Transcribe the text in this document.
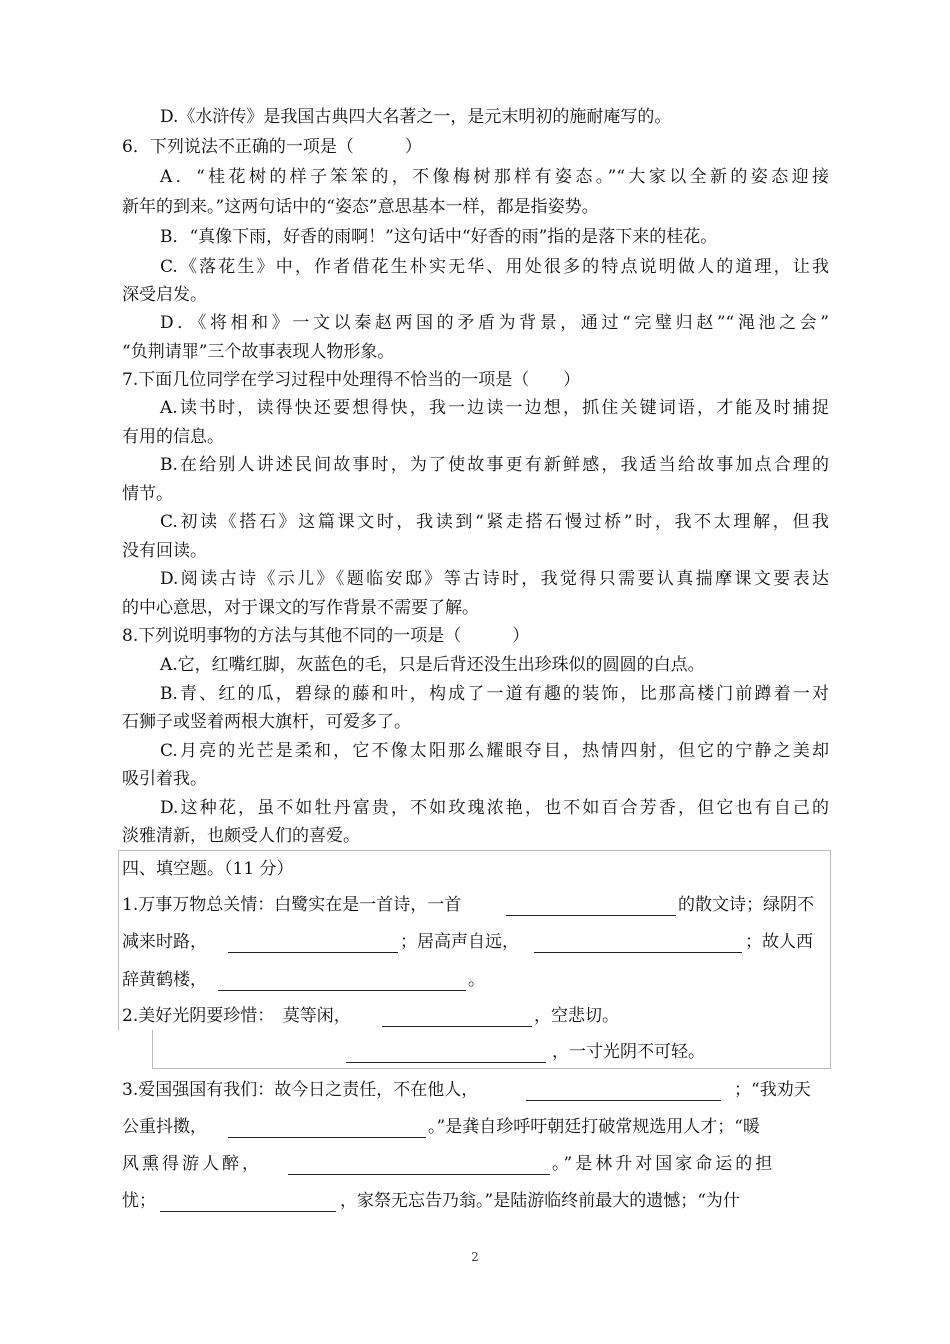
D.《水浒传》是我国古典四大名著之一，是元末明初的施耐庵写的。
6．下列说法不正确的一项是（　　　）
A．“桂花树的样子笨笨的，不像梅树那样有姿态。”“大家以全新的姿态迎接
新年的到来。”这两句话中的“姿态”意思基本一样，都是指姿势。
B．“真像下雨，好香的雨啊！”这句话中“好香的雨”指的是落下来的桂花。
C.《落花生》中，作者借花生朴实无华、用处很多的特点说明做人的道理，让我
深受启发。
D．《将相和》一文以秦赵两国的矛盾为背景，通过“完璧归赵”“渑池之会”
“负荆请罪”三个故事表现人物形象。
7.下面几位同学在学习过程中处理得不恰当的一项是（　　）
A.读书时，读得快还要想得快，我一边读一边想，抓住关键词语，才能及时捕捉
有用的信息。
B.在给别人讲述民间故事时，为了使故事更有新鲜感，我适当给故事加点合理的
情节。
C.初读《搭石》这篇课文时，我读到“紧走搭石慢过桥”时，我不太理解，但我
没有回读。
D.阅读古诗《示儿》《题临安邸》等古诗时，我觉得只需要认真揣摩课文要表达
的中心意思，对于课文的写作背景不需要了解。
8.下列说明事物的方法与其他不同的一项是（　　　）
A.它，红嘴红脚，灰蓝色的毛，只是后背还没生出珍珠似的圆圆的白点。
B.青、红的瓜，碧绿的藤和叶，构成了一道有趣的装饰，比那高楼门前蹲着一对
石狮子或竖着两根大旗杆，可爱多了。
C.月亮的光芒是柔和，它不像太阳那么耀眼夺目，热情四射，但它的宁静之美却
吸引着我。
D.这种花，虽不如牡丹富贵，不如玫瑰浓艳，也不如百合芳香，但它也有自己的
淡雅清新，也颇受人们的喜爱。
四、填空题。（11 分）
1.万事万物总关情：白鹭实在是一首诗，一首	的散文诗；绿阴不
减来时路，	；居高声自远，	；故人西
辞黄鹤楼，	。
2.美好光阴要珍惜：　莫等闲，	，空悲切。
，一寸光阴不可轻。
3.爱国强国有我们：故今日之责任，不在他人，	；“我劝天
公重抖擞，	。”是龚自珍呼吁朝廷打破常规选用人才；“暖
风熏得游人醉，	。”是林升对国家命运的担
忧；	，家祭无忘告乃翁。”是陆游临终前最大的遗憾；“为什
2
